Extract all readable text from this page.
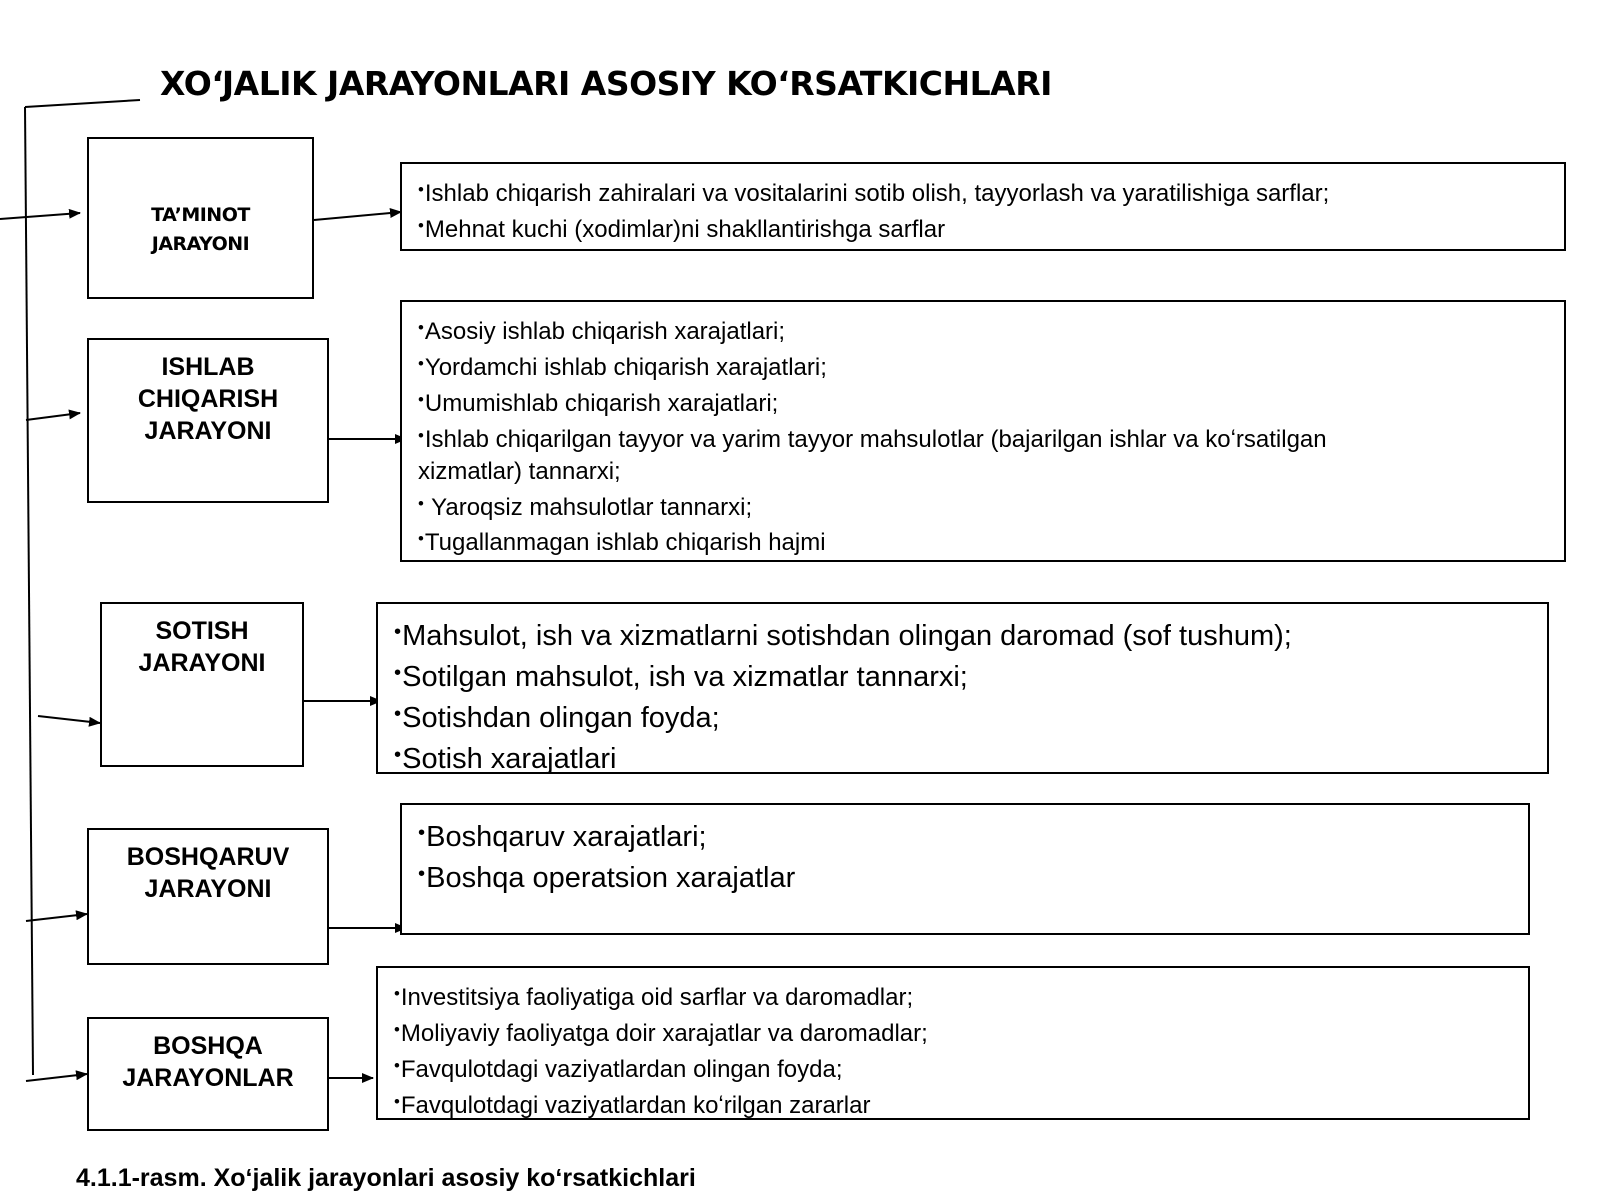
XOʻJALIK JARAYONLARI ASOSIY KOʻRSATKICHLARI
TA’MINOT
JARAYONI
• Ishlab chiqarish zahiralari va vositalarini sotib olish, tayyorlash va yaratilishiga sarflar;
• Mehnat kuchi (xodimlar)ni shakllantirishga sarflar
ISHLAB
CHIQARISH
JARAYONI
• Asosiy ishlab chiqarish xarajatlari;
• Yordamchi ishlab chiqarish xarajatlari;
• Umumishlab chiqarish xarajatlari;
• Ishlab chiqarilgan tayyor va yarim tayyor mahsulotlar (bajarilgan ishlar va koʻrsatilgan xizmatlar) tannarxi;
•  Yaroqsiz mahsulotlar tannarxi;
• Tugallanmagan ishlab chiqarish hajmi
SOTISH
JARAYONI
• Mahsulot, ish va xizmatlarni sotishdan olingan daromad (sof tushum);
• Sotilgan mahsulot, ish va xizmatlar tannarxi;
• Sotishdan olingan foyda;
• Sotish xarajatlari
BOSHQARUV
JARAYONI
• Boshqaruv xarajatlari;
• Boshqa operatsion xarajatlar
BOSHQA
JARAYONLAR
• Investitsiya faoliyatiga oid sarflar va daromadlar;
• Moliyaviy faoliyatga doir xarajatlar va daromadlar;
• Favqulotdagi vaziyatlardan olingan foyda;
• Favqulotdagi vaziyatlardan koʻrilgan zararlar
4.1.1-rasm. Xoʻjalik jarayonlari asosiy koʻrsatkichlari
